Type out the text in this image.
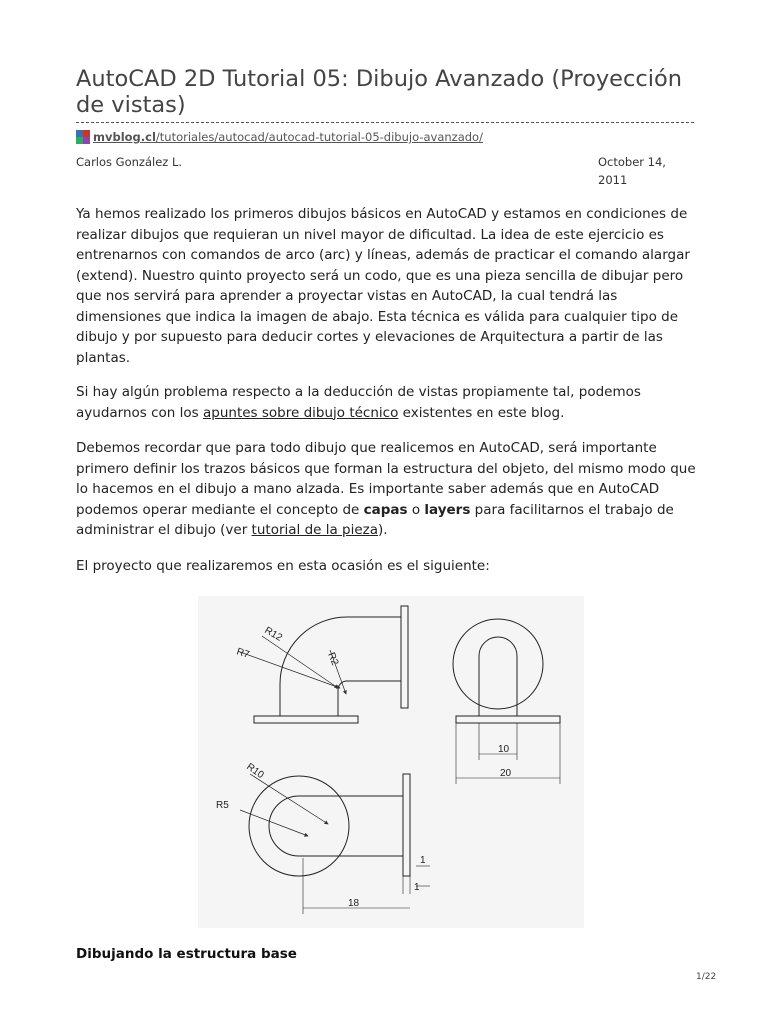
AutoCAD 2D Tutorial 05: Dibujo Avanzado (Proyección de vistas)
mvblog.cl/tutoriales/autocad/autocad-tutorial-05-dibujo-avanzado/
Carlos González L.	October 14, 2011

Ya hemos realizado los primeros dibujos básicos en AutoCAD y estamos en condiciones de realizar dibujos que requieran un nivel mayor de dificultad. La idea de este ejercicio es entrenarnos con comandos de arco (arc) y líneas, además de practicar el comando alargar (extend). Nuestro quinto proyecto será un codo, que es una pieza sencilla de dibujar pero que nos servirá para aprender a proyectar vistas en AutoCAD, la cual tendrá las dimensiones que indica la imagen de abajo. Esta técnica es válida para cualquier tipo de dibujo y por supuesto para deducir cortes y elevaciones de Arquitectura a partir de las plantas.

Si hay algún problema respecto a la deducción de vistas propiamente tal, podemos ayudarnos con los apuntes sobre dibujo técnico existentes en este blog.

Debemos recordar que para todo dibujo que realicemos en AutoCAD, será importante primero definir los trazos básicos que forman la estructura del objeto, del mismo modo que lo hacemos en el dibujo a mano alzada. Es importante saber además que en AutoCAD podemos operar mediante el concepto de capas o layers para facilitarnos el trabajo de administrar el dibujo (ver tutorial de la pieza).

El proyecto que realizaremos en esta ocasión es el siguiente:

R12
R7	R2
10
20
R10
R5
1
1
18
Dibujando la estructura base
1/22
